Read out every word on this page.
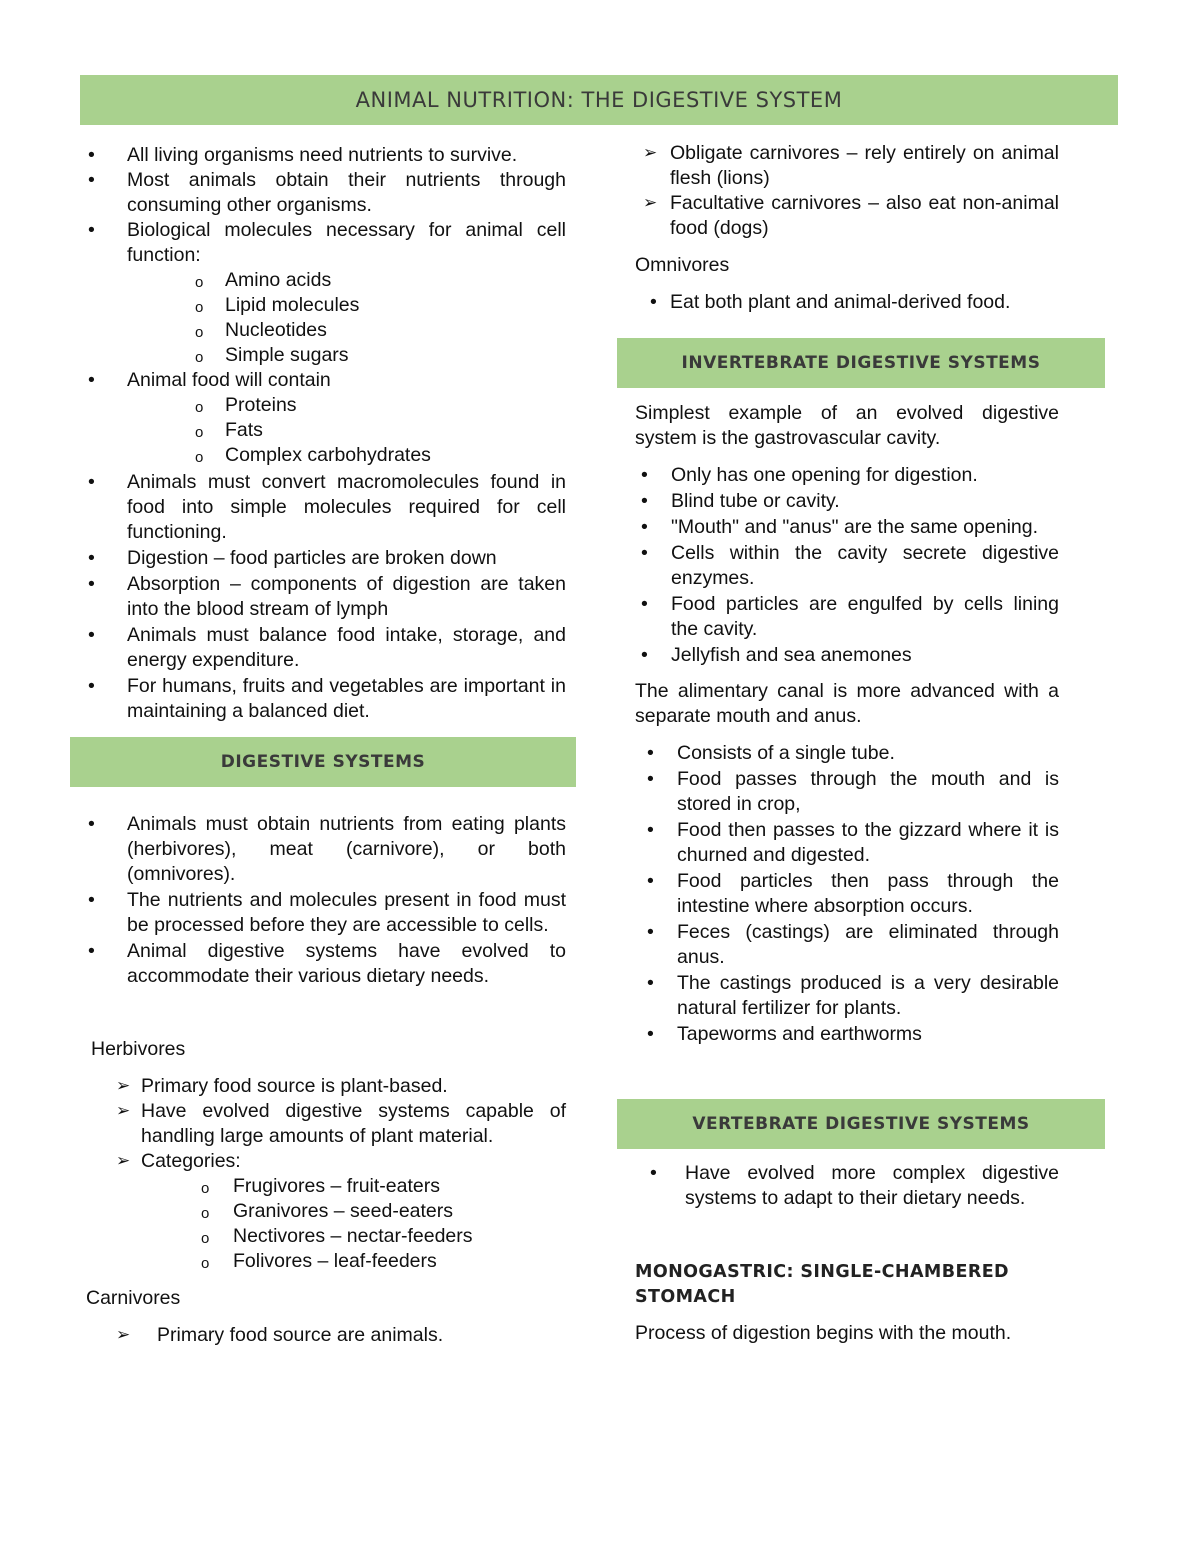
ANIMAL NUTRITION: THE DIGESTIVE SYSTEM
• All living organisms need nutrients to survive.
• Most animals obtain their nutrients through consuming other organisms.
• Biological molecules necessary for animal cell function:
o Amino acids
o Lipid molecules
o Nucleotides
o Simple sugars
• Animal food will contain
o Proteins
o Fats
o Complex carbohydrates
• Animals must convert macromolecules found in food into simple molecules required for cell functioning.
• Digestion – food particles are broken down
• Absorption – components of digestion are taken into the blood stream of lymph
• Animals must balance food intake, storage, and energy expenditure.
• For humans, fruits and vegetables are important in maintaining a balanced diet.
DIGESTIVE SYSTEMS
• Animals must obtain nutrients from eating plants (herbivores), meat (carnivore), or both (omnivores).
• The nutrients and molecules present in food must be processed before they are accessible to cells.
• Animal digestive systems have evolved to accommodate their various dietary needs.

Herbivores

➢ Primary food source is plant-based.
➢ Have evolved digestive systems capable of handling large amounts of plant material.
➢ Categories:
o Frugivores – fruit-eaters
o Granivores – seed-eaters
o Nectivores – nectar-feeders
o Folivores – leaf-feeders

Carnivores

➢ Primary food source are animals.
➢ Obligate carnivores – rely entirely on animal flesh (lions)
➢ Facultative carnivores – also eat non-animal food (dogs)

Omnivores

• Eat both plant and animal-derived food.
INVERTEBRATE DIGESTIVE SYSTEMS

Simplest example of an evolved digestive system is the gastrovascular cavity.

• Only has one opening for digestion.
• Blind tube or cavity.
• "Mouth" and "anus" are the same opening.
• Cells within the cavity secrete digestive enzymes.
• Food particles are engulfed by cells lining the cavity.
• Jellyfish and sea anemones

The alimentary canal is more advanced with a separate mouth and anus.

• Consists of a single tube.
• Food passes through the mouth and is stored in crop,
• Food then passes to the gizzard where it is churned and digested.
• Food particles then pass through the intestine where absorption occurs.
• Feces (castings) are eliminated through anus.
• The castings produced is a very desirable natural fertilizer for plants.
• Tapeworms and earthworms
VERTEBRATE DIGESTIVE SYSTEMS
• Have evolved more complex digestive systems to adapt to their dietary needs.

MONOGASTRIC: SINGLE-CHAMBERED STOMACH

Process of digestion begins with the mouth.
